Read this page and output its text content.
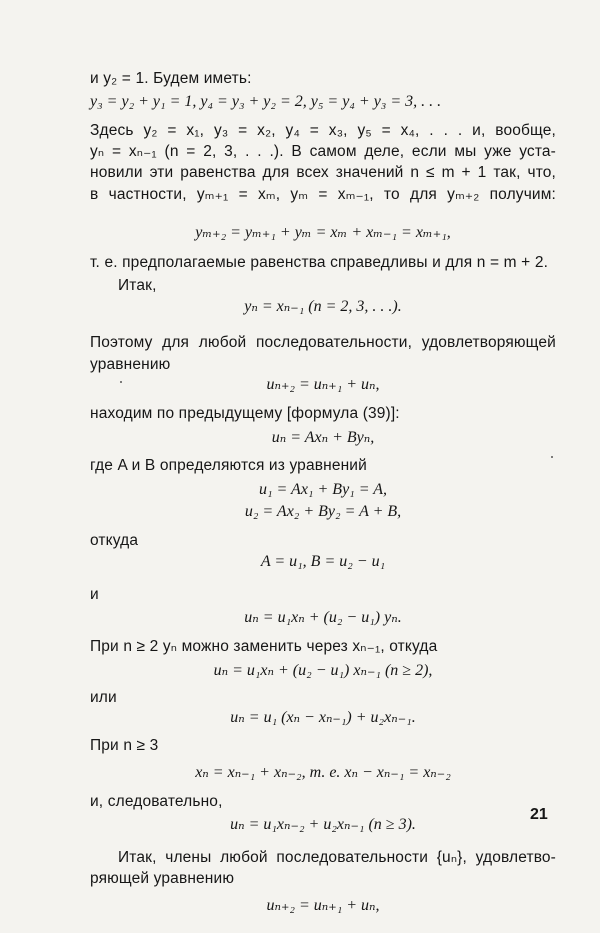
и y₂ = 1. Будем иметь:
y₃ = y₂ + y₁ = 1, y₄ = y₃ + y₂ = 2, y₅ = y₄ + y₃ = 3, . . .
Здесь y₂ = x₁, y₃ = x₂, y₄ = x₃, y₅ = x₄, . . . и, вообще,
yₙ = xₙ₋₁ (n = 2, 3, . . .). В самом деле, если мы уже уста-
новили эти равенства для всех значений n ≤ m + 1 так, что,
в частности, yₘ₊₁ = xₘ, yₘ = xₘ₋₁, то для yₘ₊₂ получим:
yₘ₊₂ = yₘ₊₁ + yₘ = xₘ + xₘ₋₁ = xₘ₊₁,
т. е. предполагаемые равенства справедливы и для n = m + 2.
Итак,
yₙ = xₙ₋₁ (n = 2, 3, . . .).
Поэтому для любой последовательности, удовлетворяющей
уравнению
uₙ₊₂ = uₙ₊₁ + uₙ,
находим по предыдущему [формула (39)]:
uₙ = Axₙ + Byₙ,
где A и B определяются из уравнений
u₁ = Ax₁ + By₁ = A,
u₂ = Ax₂ + By₂ = A + B,
откуда
A = u₁, B = u₂ − u₁
и
uₙ = u₁xₙ + (u₂ − u₁) yₙ.
При n ≥ 2 yₙ можно заменить через xₙ₋₁, откуда
uₙ = u₁xₙ + (u₂ − u₁) xₙ₋₁ (n ≥ 2),
или
uₙ = u₁ (xₙ − xₙ₋₁) + u₂xₙ₋₁.
При n ≥ 3
xₙ = xₙ₋₁ + xₙ₋₂, т. е. xₙ − xₙ₋₁ = xₙ₋₂
и, следовательно,
uₙ = u₁xₙ₋₂ + u₂xₙ₋₁ (n ≥ 3).
Итак, члены любой последовательности {uₙ}, удовлетво-
ряющей уравнению
uₙ₊₂ = uₙ₊₁ + uₙ,
21
